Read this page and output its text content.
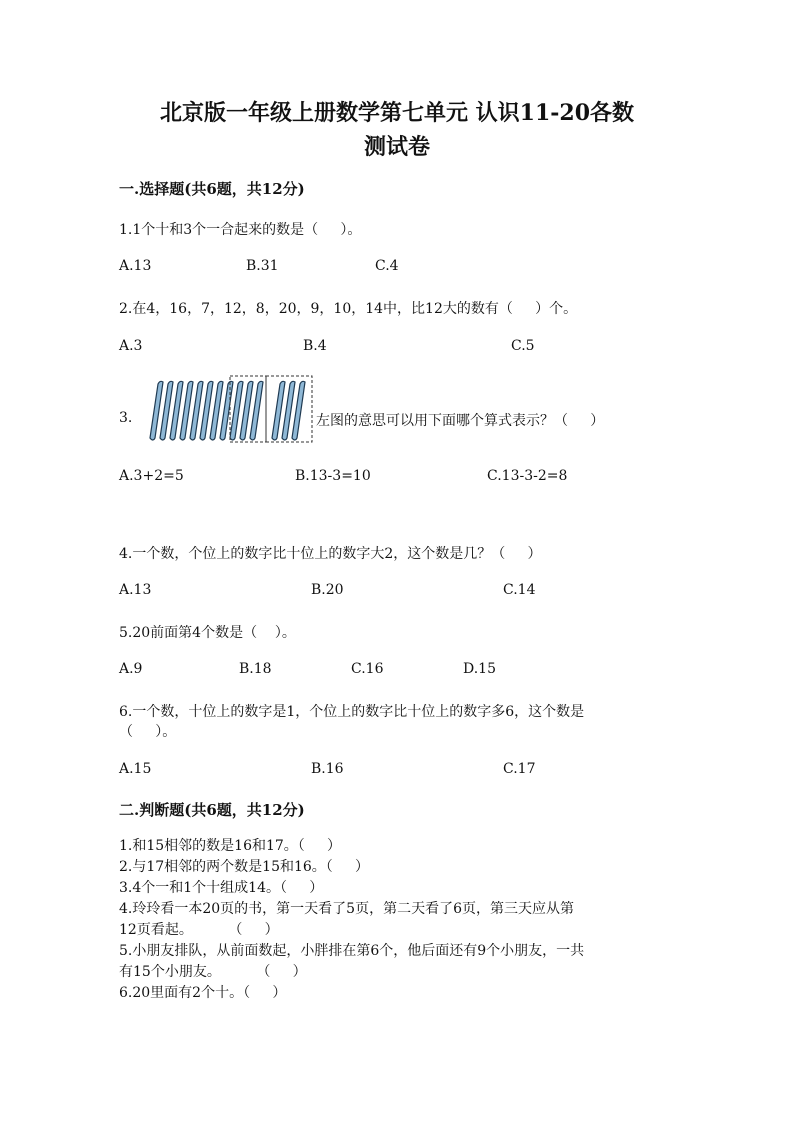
北京版一年级上册数学第七单元 认识11-20各数
测试卷
一.选择题(共6题，共12分)
1.1个十和3个一合起来的数是（     ）。
A.13	B.31	C.4
2.在4，16，7，12，8，20，9，10，14中，比12大的数有（     ）个。
A.3	B.4	C.5
3.	左图的意思可以用下面哪个算式表示？（     ）
A.3+2=5	B.13-3=10	C.13-3-2=8
4.一个数，个位上的数字比十位上的数字大2，这个数是几？（     ）
A.13	B.20	C.14
5.20前面第4个数是（    ）。
A.9	B.18	C.16	D.15
6.一个数，十位上的数字是1，个位上的数字比十位上的数字多6，这个数是
（     ）。
A.15	B.16	C.17
二.判断题(共6题，共12分)
1.和15相邻的数是16和17。（     ）
2.与17相邻的两个数是15和16。（     ）
3.4个一和1个十组成14。（     ）
4.玲玲看一本20页的书，第一天看了5页，第二天看了6页，第三天应从第
12页看起。        （     ）
5.小朋友排队，从前面数起，小胖排在第6个，他后面还有9个小朋友，一共
有15个小朋友。        （     ）
6.20里面有2个十。（     ）
